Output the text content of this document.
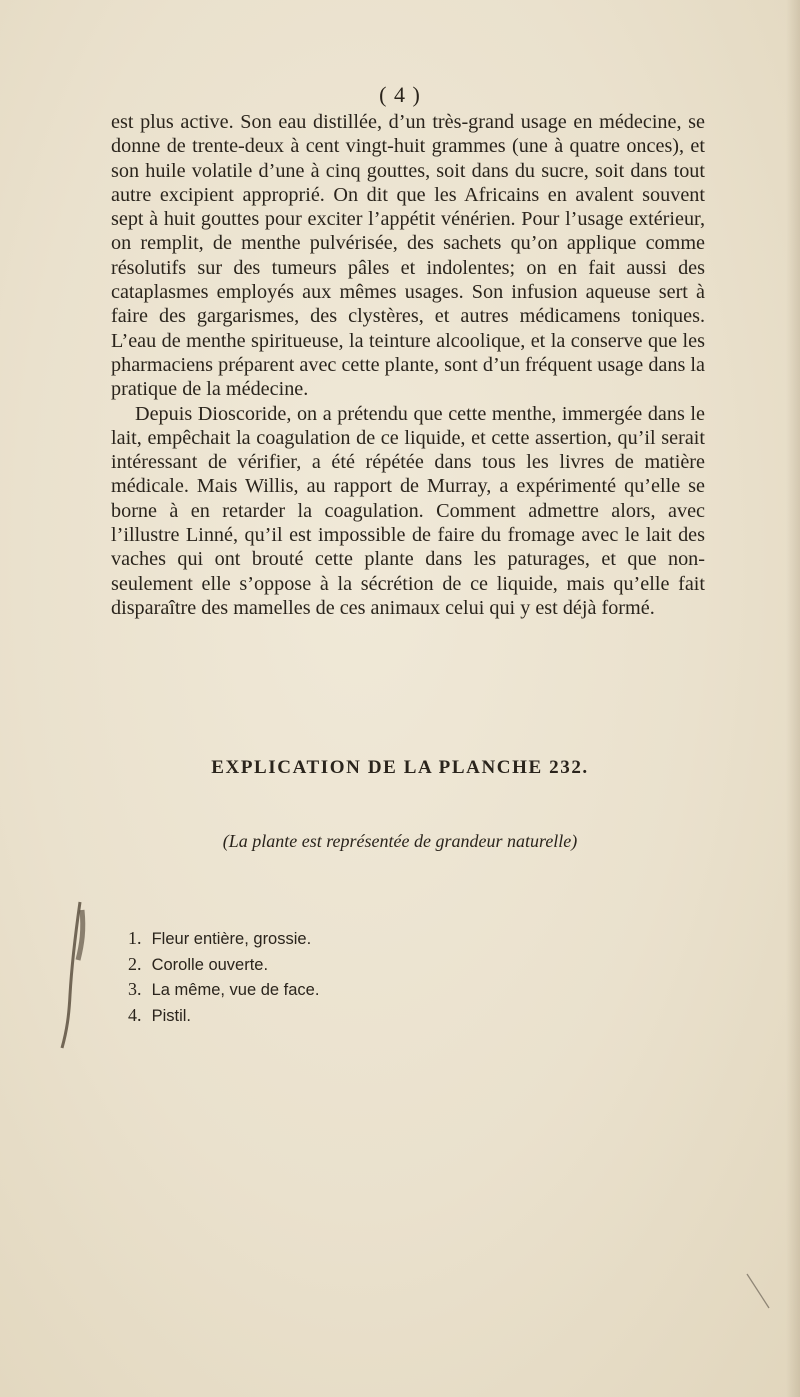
( 4 )

est plus active. Son eau distillée, d’un très-grand usage en médecine, se donne de trente-deux à cent vingt-huit grammes (une à quatre onces), et son huile volatile d’une à cinq gouttes, soit dans du sucre, soit dans tout autre excipient approprié. On dit que les Africains en avalent souvent sept à huit gouttes pour exciter l’appétit vénérien. Pour l’usage extérieur, on remplit, de menthe pulvérisée, des sachets qu’on applique comme résolutifs sur des tumeurs pâles et indolentes; on en fait aussi des cataplasmes employés aux mêmes usages. Son infusion aqueuse sert à faire des gargarismes, des clystères, et autres médicamens toniques. L’eau de menthe spiritueuse, la teinture alcoolique, et la conserve que les pharmaciens préparent avec cette plante, sont d’un fréquent usage dans la pratique de la médecine.

Depuis Dioscoride, on a prétendu que cette menthe, immergée dans le lait, empêchait la coagulation de ce liquide, et cette assertion, qu’il serait intéressant de vérifier, a été répétée dans tous les livres de matière médicale. Mais Willis, au rapport de Murray, a expérimenté qu’elle se borne à en retarder la coagulation. Comment admettre alors, avec l’illustre Linné, qu’il est impossible de faire du fromage avec le lait des vaches qui ont brouté cette plante dans les paturages, et que non-seulement elle s’oppose à la sécrétion de ce liquide, mais qu’elle fait disparaître des mamelles de ces animaux celui qui y est déjà formé.

EXPLICATION DE LA PLANCHE 232.
(La plante est représentée de grandeur naturelle)
1. Fleur entière, grossie.
2. Corolle ouverte.
3. La même, vue de face.
4. Pistil.
